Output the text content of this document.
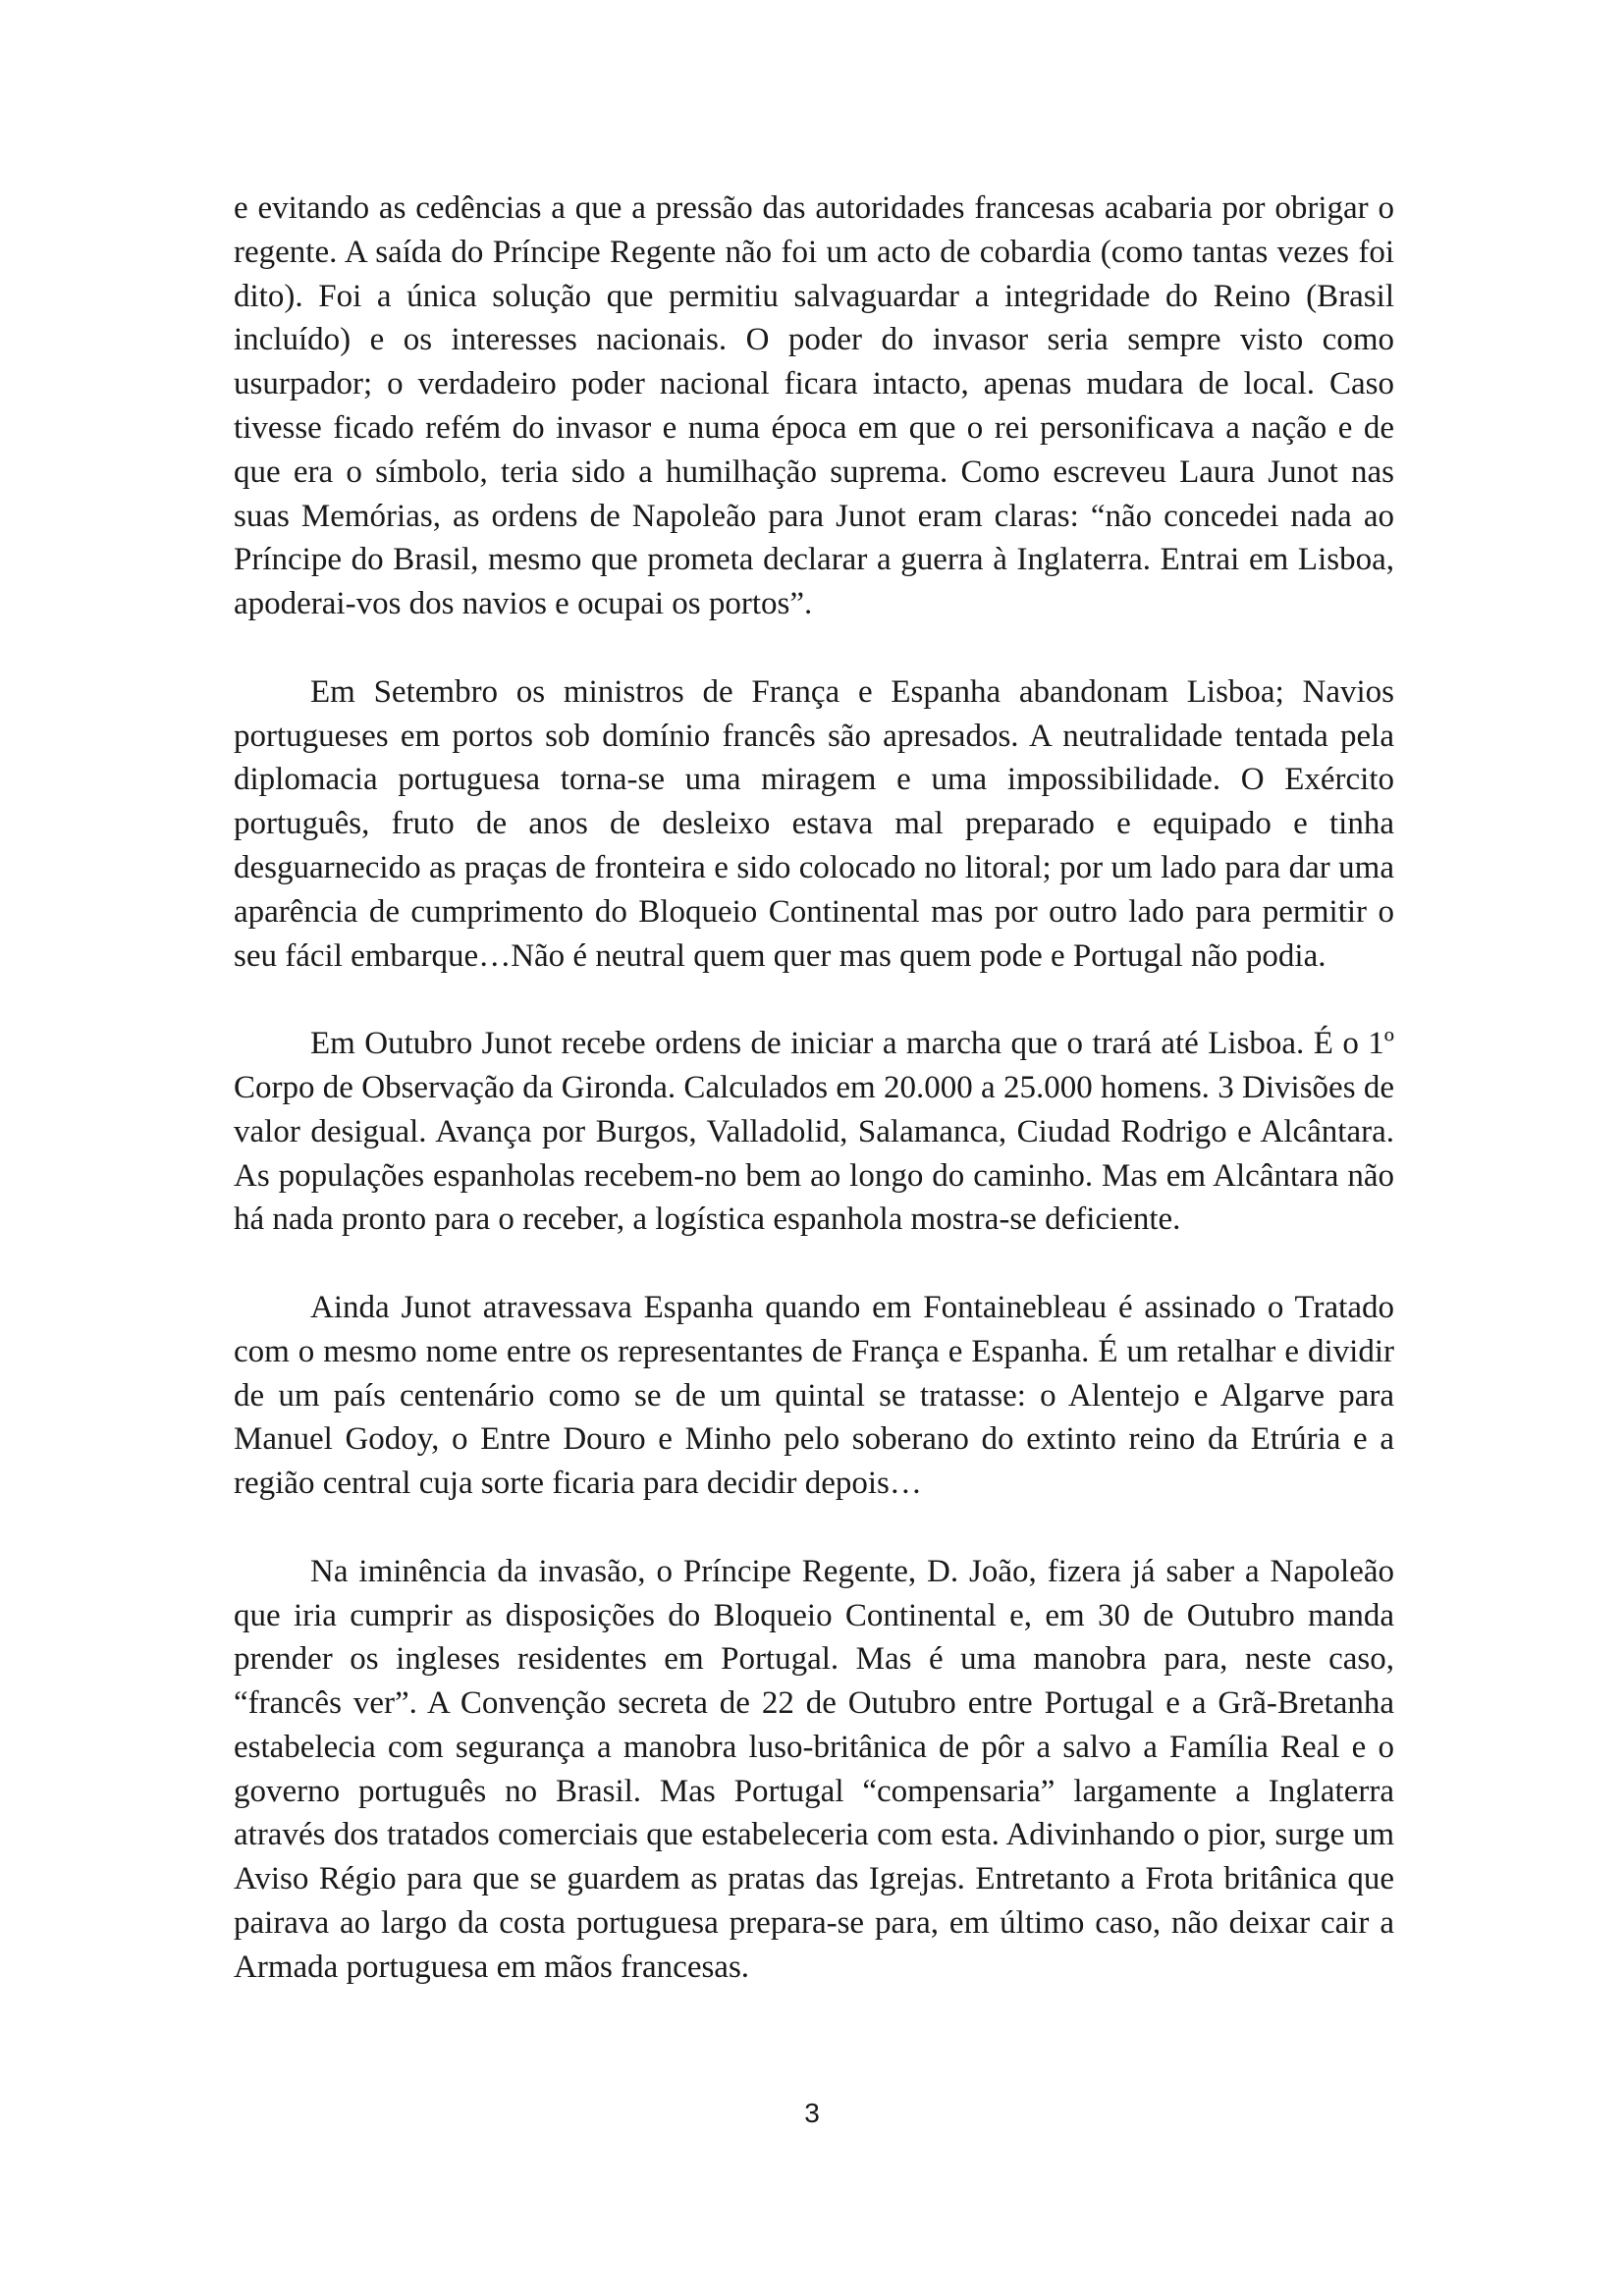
e evitando as cedências a que a pressão das autoridades francesas acabaria por obrigar o regente. A saída do Príncipe Regente não foi um acto de cobardia (como tantas vezes foi dito). Foi a única solução que permitiu salvaguardar a integridade do Reino (Brasil incluído) e os interesses nacionais. O poder do invasor seria sempre visto como usurpador; o verdadeiro poder nacional ficara intacto, apenas mudara de local. Caso tivesse ficado refém do invasor e numa época em que o rei personificava a nação e de que era o símbolo, teria sido a humilhação suprema. Como escreveu Laura Junot nas suas Memórias, as ordens de Napoleão para Junot eram claras: “não concedei nada ao Príncipe do Brasil, mesmo que prometa declarar a guerra à Inglaterra. Entrai em Lisboa, apoderai-vos dos navios e ocupai os portos”.

Em Setembro os ministros de França e Espanha abandonam Lisboa; Navios portugueses em portos sob domínio francês são apresados. A neutralidade tentada pela diplomacia portuguesa torna-se uma miragem e uma impossibilidade. O Exército português, fruto de anos de desleixo estava mal preparado e equipado e tinha desguarnecido as praças de fronteira e sido colocado no litoral; por um lado para dar uma aparência de cumprimento do Bloqueio Continental mas por outro lado para permitir o seu fácil embarque…Não é neutral quem quer mas quem pode e Portugal não podia.

Em Outubro Junot recebe ordens de iniciar a marcha que o trará até Lisboa. É o 1º Corpo de Observação da Gironda. Calculados em 20.000 a 25.000 homens. 3 Divisões de valor desigual. Avança por Burgos, Valladolid, Salamanca, Ciudad Rodrigo e Alcântara. As populações espanholas recebem-no bem ao longo do caminho. Mas em Alcântara não há nada pronto para o receber, a logística espanhola mostra-se deficiente.

Ainda Junot atravessava Espanha quando em Fontainebleau é assinado o Tratado com o mesmo nome entre os representantes de França e Espanha. É um retalhar e dividir de um país centenário como se de um quintal se tratasse: o Alentejo e Algarve para Manuel Godoy, o Entre Douro e Minho pelo soberano do extinto reino da Etrúria e a região central cuja sorte ficaria para decidir depois…

Na iminência da invasão, o Príncipe Regente, D. João, fizera já saber a Napoleão que iria cumprir as disposições do Bloqueio Continental e, em 30 de Outubro manda prender os ingleses residentes em Portugal. Mas é uma manobra para, neste caso, “francês ver”. A Convenção secreta de 22 de Outubro entre Portugal e a Grã-Bretanha estabelecia com segurança a manobra luso-britânica de pôr a salvo a Família Real e o governo português no Brasil. Mas Portugal “compensaria” largamente a Inglaterra através dos tratados comerciais que estabeleceria com esta. Adivinhando o pior, surge um Aviso Régio para que se guardem as pratas das Igrejas. Entretanto a Frota britânica que pairava ao largo da costa portuguesa prepara-se para, em último caso, não deixar cair a Armada portuguesa em mãos francesas.

3
